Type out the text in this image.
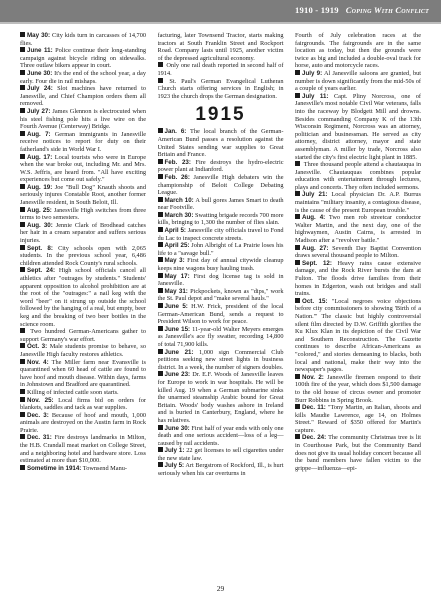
1910 - 1919 Coping With Conflict

May 30: City kids turn in carcasses of 14,700 flies.

June 11: Police continue their long-standing campaign against bicycle riding on sidewalks. Three outlaw bikers appear in court.

June 30: It's the end of the school year, a day early. Four die in rail mishaps.

July 24: Slot machines have returned to Janesville, and Chief Champion orders them all removed.

July 27: James Glennon is electrocuted when his steel fishing pole hits a live wire on the Fourth Avenue (Centerway) Bridge.

Aug. 7: German immigrants in Janesville receive notices to report for duty on their fatherland's side in World War I.

Aug. 17: Local tourists who were in Europe when the war broke out, including Mr. and Mrs. W.S. Jeffris, are heard from. "All have exciting experiences but come out safely."

Aug. 19: Joe "Bull Dog" Knauth shoots and seriously injures Constable Root, another former Janesville resident, in South Beloit, Ill.

Aug. 25: Janesville High switches from three terms to two semesters.

Aug. 30: Jennie Clark of Brodhead catches her hair in a cream separator and suffers serious injuries.

Sept. 8: City schools open with 2,065 students. In the previous school year, 6,486 children attended Rock County's rural schools.

Sept. 24: High school officials cancel all athletics after "outrages by students." Students' apparent opposition to alcohol prohibition are at the root of the "outrages:" a nail keg with the word "beer" on it strung up outside the school followed by the hanging of a real, but empty, beer keg and the breaking of two beer bottles in the science room.

Two hundred German-Americans gather to support Germany's war effort.

Oct. 3: Male students promise to behave, so Janesville High faculty restores athletics.

Nov. 4: The Miller farm near Evansville is quarantined when 60 head of cattle are found to have hoof and mouth disease. Within days, farms in Johnstown and Bradford are quarantined.

Killing of infected cattle soon starts.

Nov. 25: Local firms bid on orders for blankets, saddles and tack as war supplies.

Dec. 3: Because of hoof and mouth, 1,000 animals are destroyed on the Austin farm in Rock Prairie.

Dec. 31: Fire destroys landmarks in Milton, the H.B. Crandall meat market on College Street, and a neighboring hotel and hardware store. Loss estimated at more than $10,000.

Sometime in 1914: Townsend Manu-

facturing, later Townsend Tractor, starts making tractors at South Franklin Street and Rockport Road. Company lasts until 1925, another victim of the depressed agricultural economy.

Only one rail death reported in second half of 1914.

St. Paul's German Evangelical Lutheran Church starts offering services in English; in 1923 the church drops the German designation.

1915

Jan. 6: The local branch of the German-American Bund passes a resolution against the United States sending war supplies to Great Britain and France.

Feb. 23: Fire destroys the hydro-electric power plant at Indianford.

Feb. 26: Janesville High debaters win the championship of Beloit College Debating League.

March 10: A bull gores James Smart to death near Footville.

March 30: Swatting brigade records 700 more kills, bringing to 1,300 the number of flies slain.

April 5: Janesville city officials travel to Fond du Lac to inspect concrete streets.

April 25: John Albright of La Prairie loses his life to a "savage bull."

May 3: First day of annual citywide cleanup keeps nine wagons busy hauling trash.

May 17: First dog license tag is sold in Janesville.

May 31: Pickpockets, known as "dips," work the St. Paul depot and "make several hauls."

June 5: H.W. Frick, president of the local German-American Bund, sends a request to President Wilson to work for peace.

June 15: 11-year-old Walter Meyers emerges as Janesville's ace fly swatter, recording 14,800 of total 71,900 kills.

June 21: 1,000 sign Commercial Club petitions seeking new street lights in business district. In a week, the number of signers doubles.

June 23: Dr. E.F. Woods of Janesville leaves for Europe to work in war hospitals. He will be killed Aug. 19 when a German submarine sinks the unarmed steamship Arabic bound for Great Britain. Woods' body washes ashore in Ireland and is buried in Canterbury, England, where he has relatives.

June 30: First half of year ends with only one death and one serious accident—loss of a leg—caused by rail accidents.

July 1: 22 get licenses to sell cigarettes under the new state law.

July 5: Art Bergstrom of Rockford, Ill., is hurt seriously when his car overturns in

Fourth of July celebration races at the fairgrounds. The fairgrounds are in the same location as today, but then the grounds were twice as big and included a double-oval track for horse, auto and motorcycle races.

July 9: Al Janesville saloons are granted, but number is down significantly from the mid-50s of a couple of years earlier.

July 11: Capt. Pliny Norcross, one of Janesville's most notable Civil War veterans, falls into the raceway by Blodgett Mill and drowns. Besides commanding Company K of the 13th Wisconsin Regiment, Norcross was an attorney, politician and businessman. He served as city attorney, district attorney, mayor and state assemblyman. A miller by trade, Norcross also started the city's first electric light plant in 1885.

Three thousand people attend a chautauqua in Janesville. Chautauquas combines popular education with entertainment through lectures, plays and concerts. They often included sermons.

July 21: Local physician Dr. A.P. Burrus maintains "military insanity, a contagious disease, is the cause of the present European trouble."

Aug. 4: Two men rob streetcar conductor Walter Martin, and the next day, one of the highwaymen, Austin Cairns, is arrested in Madison after a "revolver battle."

Aug. 27: Seventh Day Baptist Convention draws several thousand people to Milton.

Sept. 12: Heavy rains cause extensive damage, and the Rock River bursts the dam at Fulton. The floods drive families from their homes in Edgerton, wash out bridges and stall trains.

Oct. 15: "Local negroes voice objections before city commissioners to showing 'Birth of a Nation.'" The classic but highly controversial silent film directed by D.W. Griffith glorifies the Ku Klux Klan in its depiction of the Civil War and Southern Reconstruction. The Gazette continues to describe African-Americans as "colored," and stories demeaning to blacks, both local and national, make their way into the newspaper's pages.

Nov. 2: Janesville firemen respond to their 100th fire of the year, which does $1,500 damage to the old house of circus owner and promoter Burr Robbins in Spring Brook.

Dec. 11: "Tony Martin, an Italian, shoots and kills Maudie Lawrence, age 14, on Holmes Street." Reward of $350 offered for Martin's capture.

Dec. 24: The community Christmas tree is lit in Courthouse Park, but the Community Band does not give its usual holiday concert because all the band members have fallen victim to the grippe—influenza—epi-

29
